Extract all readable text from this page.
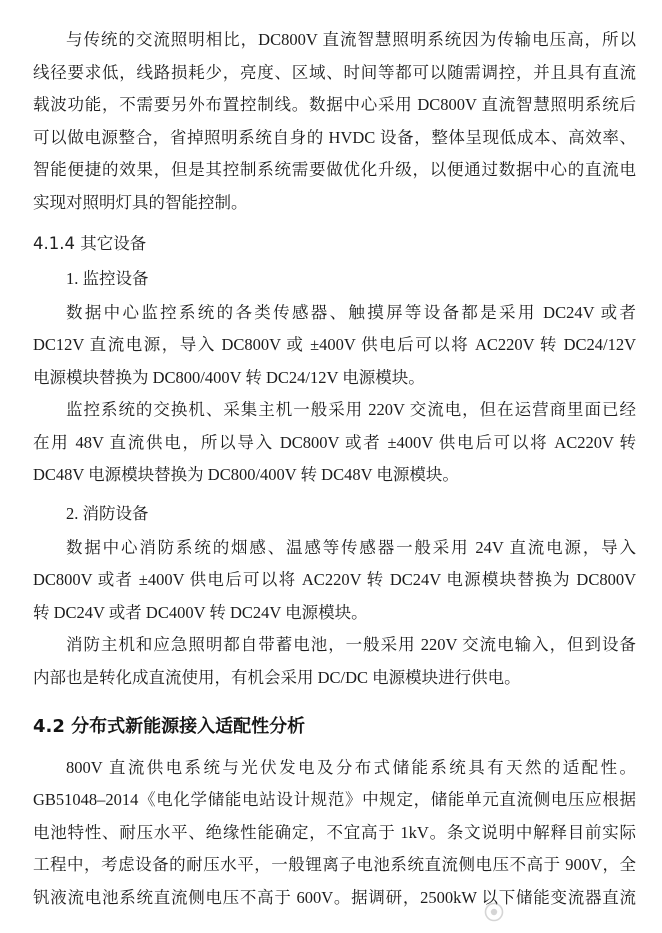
与传统的交流照明相比，DC800V 直流智慧照明系统因为传输电压高，所以
线径要求低，线路损耗少，亮度、区域、时间等都可以随需调控，并且具有直流
载波功能，不需要另外布置控制线。数据中心采用 DC800V 直流智慧照明系统后
可以做电源整合，省掉照明系统自身的 HVDC 设备，整体呈现低成本、高效率、
智能便捷的效果，但是其控制系统需要做优化升级，以便通过数据中心的直流电
实现对照明灯具的智能控制。
4.1.4 其它设备
1. 监控设备
数据中心监控系统的各类传感器、触摸屏等设备都是采用 DC24V 或者
DC12V 直流电源，导入 DC800V 或 ±400V 供电后可以将 AC220V 转 DC24/12V
电源模块替换为 DC800/400V 转 DC24/12V 电源模块。
监控系统的交换机、采集主机一般采用 220V 交流电，但在运营商里面已经
在用 48V 直流供电，所以导入 DC800V 或者 ±400V 供电后可以将 AC220V 转
DC48V 电源模块替换为 DC800/400V 转 DC48V 电源模块。
2. 消防设备
数据中心消防系统的烟感、温感等传感器一般采用 24V 直流电源，导入
DC800V 或者 ±400V 供电后可以将 AC220V 转 DC24V 电源模块替换为 DC800V
转 DC24V 或者 DC400V 转 DC24V 电源模块。
消防主机和应急照明都自带蓄电池，一般采用 220V 交流电输入，但到设备
内部也是转化成直流使用，有机会采用 DC/DC 电源模块进行供电。
4.2 分布式新能源接入适配性分析
800V 直流供电系统与光伏发电及分布式储能系统具有天然的适配性。
GB51048–2014《电化学储能电站设计规范》中规定，储能单元直流侧电压应根据
电池特性、耐压水平、绝缘性能确定，不宜高于 1kV。条文说明中解释目前实际
工程中，考虑设备的耐压水平，一般锂离子电池系统直流侧电压不高于 900V，全
钒液流电池系统直流侧电压不高于 600V。据调研，2500kW 以下储能变流器直流
